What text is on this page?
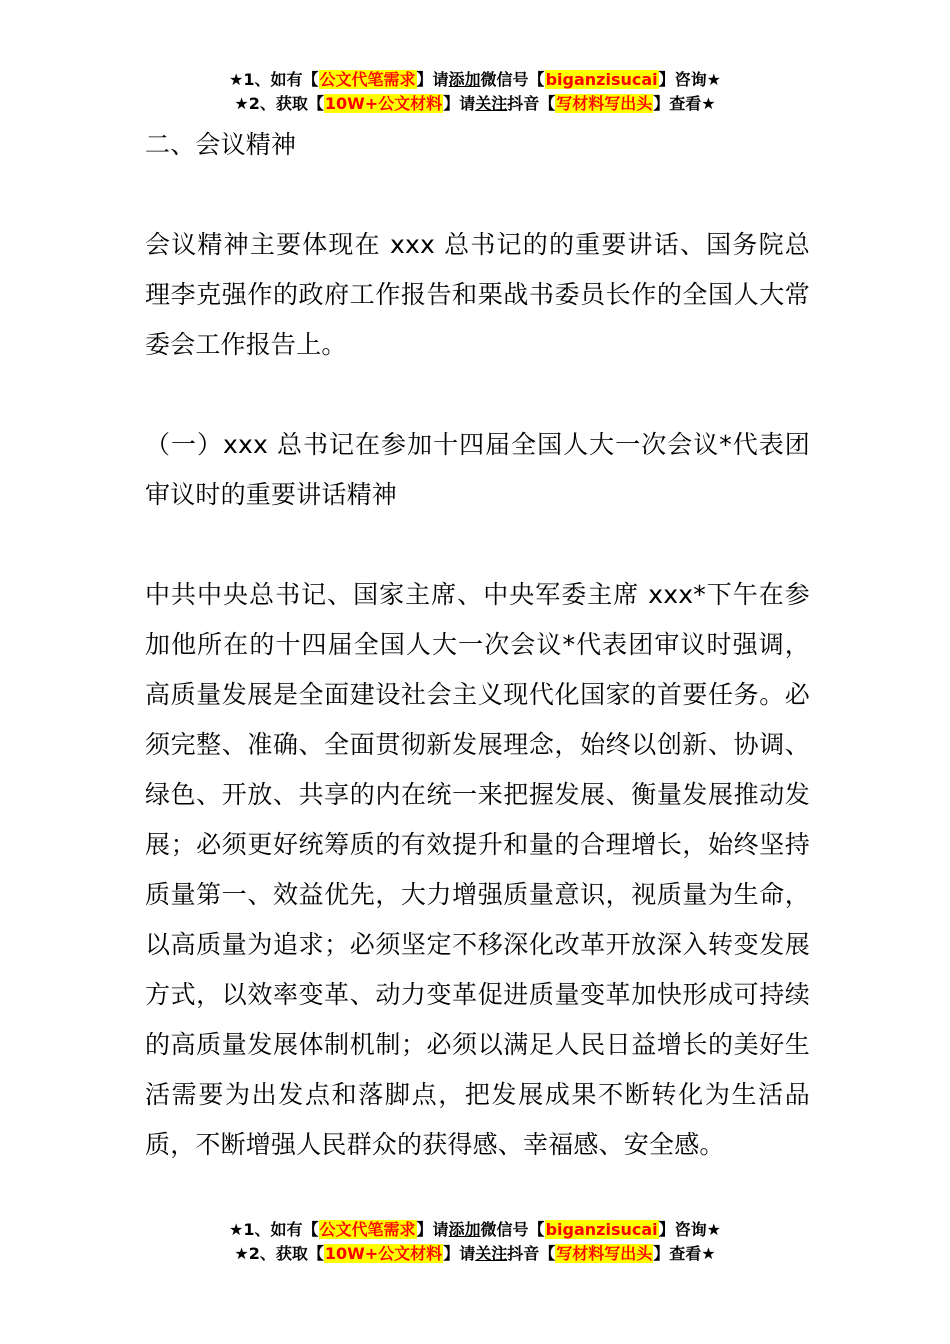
★1、如有【公文代笔需求】请添加微信号【biganzisucai】咨询★
★2、获取【10W+公文材料】请关注抖音【写材料写出头】查看★

二、会议精神

会议精神主要体现在 xxx 总书记的的重要讲话、国务院总理李克强作的政府工作报告和栗战书委员长作的全国人大常委会工作报告上。

（一）xxx 总书记在参加十四届全国人大一次会议*代表团审议时的重要讲话精神

中共中央总书记、国家主席、中央军委主席 xxx*下午在参加他所在的十四届全国人大一次会议*代表团审议时强调，高质量发展是全面建设社会主义现代化国家的首要任务。必须完整、准确、全面贯彻新发展理念，始终以创新、协调、绿色、开放、共享的内在统一来把握发展、衡量发展推动发展；必须更好统筹质的有效提升和量的合理增长，始终坚持质量第一、效益优先，大力增强质量意识，视质量为生命，以高质量为追求；必须坚定不移深化改革开放深入转变发展方式，以效率变革、动力变革促进质量变革加快形成可持续的高质量发展体制机制；必须以满足人民日益增长的美好生活需要为出发点和落脚点，把发展成果不断转化为生活品质，不断增强人民群众的获得感、幸福感、安全感。

★1、如有【公文代笔需求】请添加微信号【biganzisucai】咨询★
★2、获取【10W+公文材料】请关注抖音【写材料写出头】查看★
